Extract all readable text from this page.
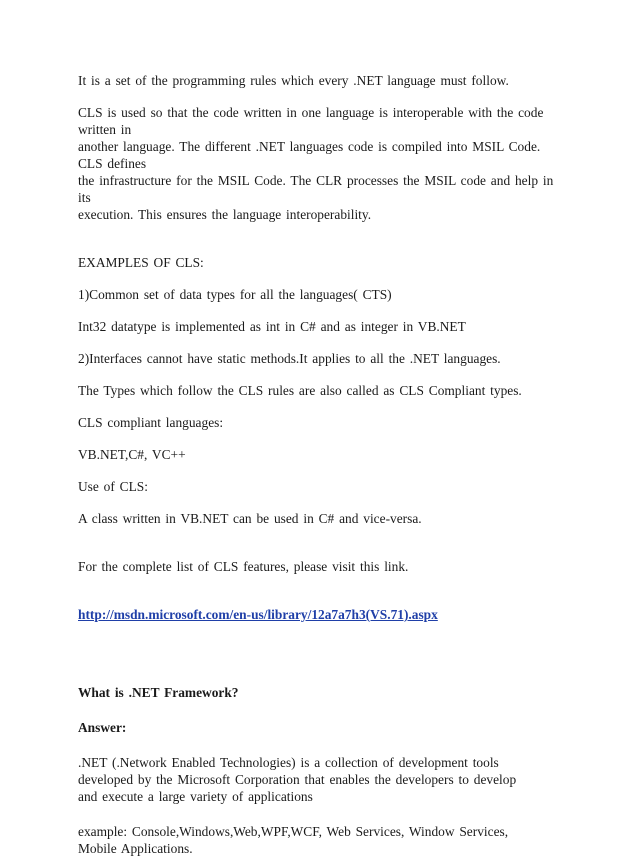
It is a set of the programming rules which every .NET language must follow.

CLS is used so that the code written in one language is interoperable with the code written in

another language. The different .NET languages code is compiled into MSIL Code. CLS defines

the infrastructure for the MSIL Code. The CLR processes the MSIL code and help in its

execution. This ensures the language interoperability.

EXAMPLES OF CLS:

1)Common set of data types for all the languages( CTS)

Int32 datatype is implemented as int in C# and as integer in VB.NET

2)Interfaces cannot have static methods.It applies to all the .NET languages.

The Types which follow the CLS rules are also called as CLS Compliant types.

CLS compliant languages:

VB.NET,C#, VC++

Use of CLS:

A class written in VB.NET can be used in C# and vice-versa.

For the complete list of CLS features, please visit this link.

http://msdn.microsoft.com/en-us/library/12a7a7h3(VS.71).aspx

What is .NET Framework?

Answer:

.NET (.Network Enabled Technologies) is a collection of development tools

developed by the Microsoft Corporation that enables the developers to develop

and execute a large variety of applications

example: Console,Windows,Web,WPF,WCF, Web Services, Window Services,

Mobile Applications.
